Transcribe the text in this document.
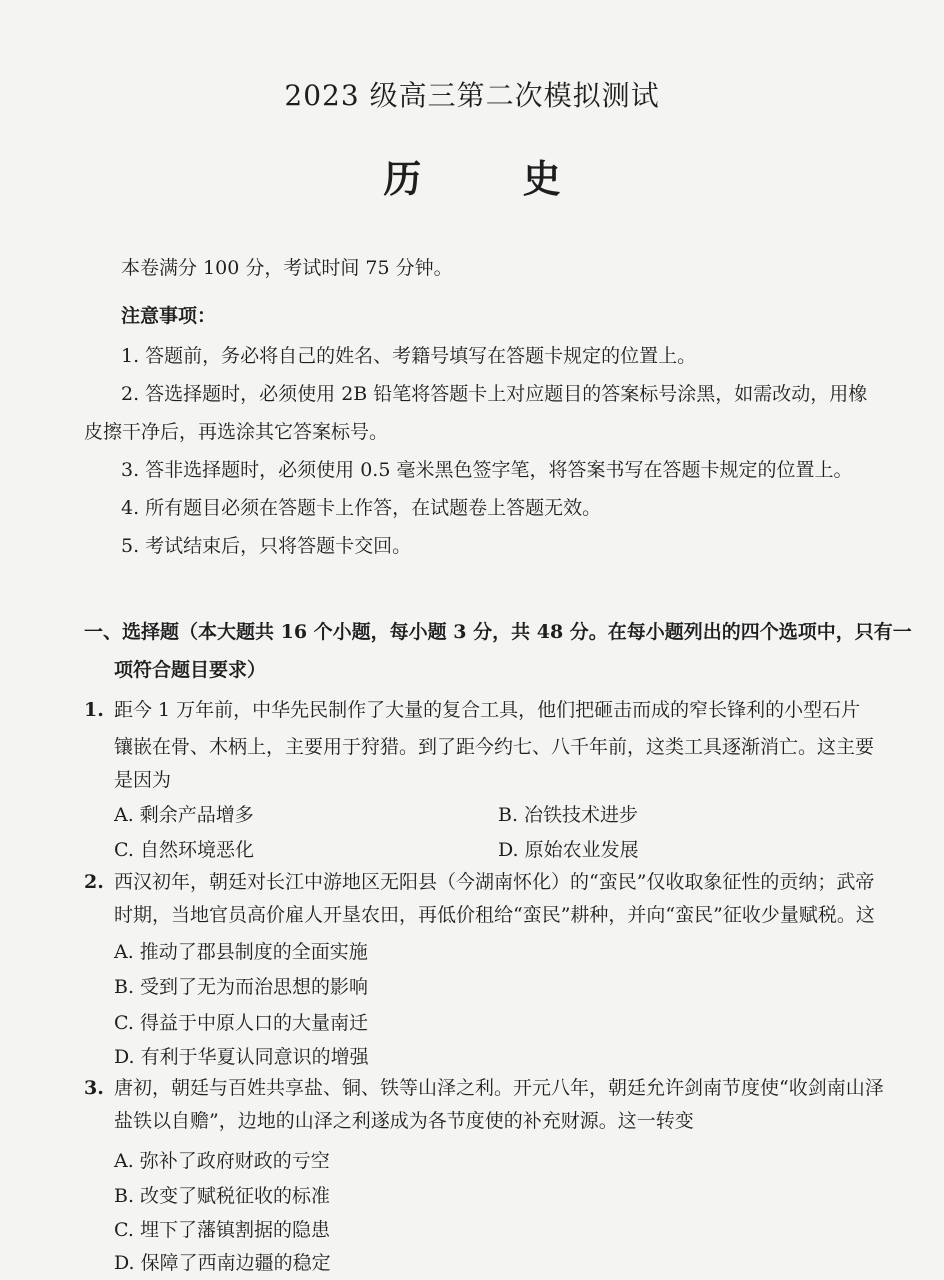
2023 级高三第二次模拟测试
历 史
本卷满分 100 分，考试时间 75 分钟。
注意事项：
1. 答题前，务必将自己的姓名、考籍号填写在答题卡规定的位置上。
2. 答选择题时，必须使用 2B 铅笔将答题卡上对应题目的答案标号涂黑，如需改动，用橡
皮擦干净后，再选涂其它答案标号。
3. 答非选择题时，必须使用 0.5 毫米黑色签字笔，将答案书写在答题卡规定的位置上。
4. 所有题目必须在答题卡上作答，在试题卷上答题无效。
5. 考试结束后，只将答题卡交回。
一、选择题（本大题共 16 个小题，每小题 3 分，共 48 分。在每小题列出的四个选项中，只有一
项符合题目要求）
1. 距今 1 万年前，中华先民制作了大量的复合工具，他们把砸击而成的窄长锋利的小型石片
镶嵌在骨、木柄上，主要用于狩猎。到了距今约七、八千年前，这类工具逐渐消亡。这主要
是因为
A. 剩余产品增多	B. 冶铁技术进步
C. 自然环境恶化	D. 原始农业发展
2. 西汉初年，朝廷对长江中游地区无阳县（今湖南怀化）的“蛮民”仅收取象征性的贡纳；武帝
时期，当地官员高价雇人开垦农田，再低价租给“蛮民”耕种，并向“蛮民”征收少量赋税。这
A. 推动了郡县制度的全面实施
B. 受到了无为而治思想的影响
C. 得益于中原人口的大量南迁
D. 有利于华夏认同意识的增强
3. 唐初，朝廷与百姓共享盐、铜、铁等山泽之利。开元八年，朝廷允许剑南节度使“收剑南山泽
盐铁以自赡”，边地的山泽之利遂成为各节度使的补充财源。这一转变
A. 弥补了政府财政的亏空
B. 改变了赋税征收的标准
C. 埋下了藩镇割据的隐患
D. 保障了西南边疆的稳定
